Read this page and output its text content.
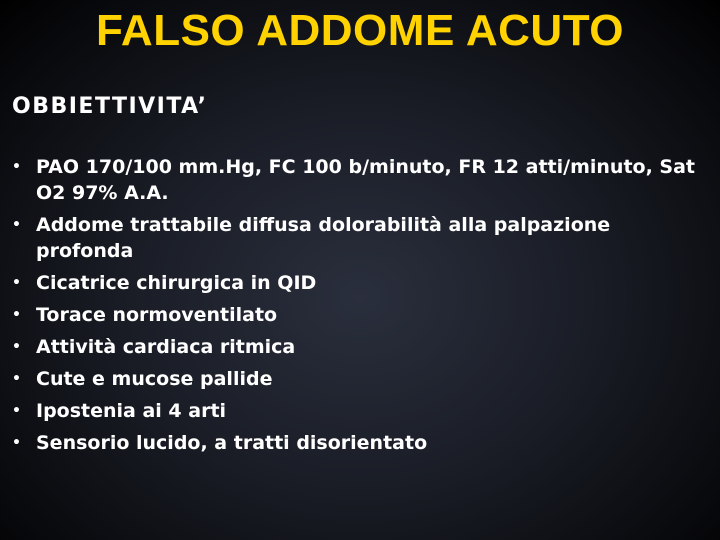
FALSO ADDOME ACUTO
OBBIETTIVITA’
• PAO 170/100 mm.Hg, FC 100 b/minuto, FR 12 atti/minuto, Sat O2 97% A.A.
• Addome trattabile diffusa dolorabilità alla palpazione profonda
• Cicatrice chirurgica in QID
• Torace normoventilato
• Attività cardiaca ritmica
• Cute e mucose pallide
• Ipostenia ai 4 arti
• Sensorio lucido, a tratti disorientato
